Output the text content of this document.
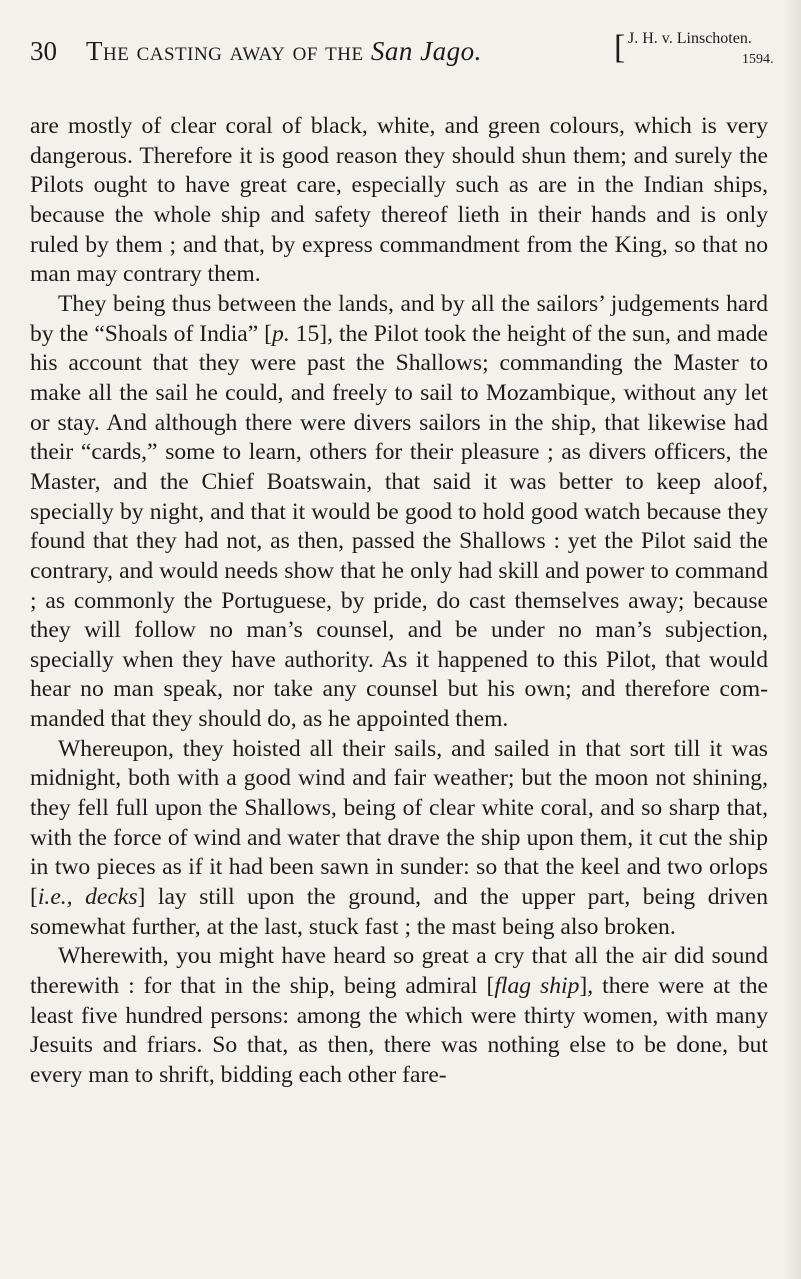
30 The casting away of the San Jago.	[ J. H. v. Linschoten.
1594.

are mostly of clear coral of black, white, and green colours, which is very dangerous. Therefore it is good reason they should shun them; and surely the Pilots ought to have great care, especially such as are in the Indian ships, because the whole ship and safety thereof lieth in their hands and is only ruled by them ; and that, by express commandment from the King, so that no man may contrary them.

They being thus between the lands, and by all the sailors’ judgements hard by the “Shoals of India” [p. 15], the Pilot took the height of the sun, and made his account that they were past the Shallows; commanding the Master to make all the sail he could, and freely to sail to Mozambique, without any let or stay. And although there were divers sailors in the ship, that likewise had their “cards,” some to learn, others for their pleasure ; as divers officers, the Master, and the Chief Boatswain, that said it was better to keep aloof, specially by night, and that it would be good to hold good watch because they found that they had not, as then, passed the Shallows : yet the Pilot said the contrary, and would needs show that he only had skill and power to command ; as commonly the Portuguese, by pride, do cast themselves away; because they will follow no man’s counsel, and be under no man’s subjection, specially when they have authority. As it happened to this Pilot, that would hear no man speak, nor take any counsel but his own; and therefore commanded that they should do, as he appointed them.

Whereupon, they hoisted all their sails, and sailed in that sort till it was midnight, both with a good wind and fair weather; but the moon not shining, they fell full upon the Shallows, being of clear white coral, and so sharp that, with the force of wind and water that drave the ship upon them, it cut the ship in two pieces as if it had been sawn in sunder: so that the keel and two orlops [i.e., decks] lay still upon the ground, and the upper part, being driven somewhat further, at the last, stuck fast ; the mast being also broken.

Wherewith, you might have heard so great a cry that all the air did sound therewith : for that in the ship, being admiral [flag ship], there were at the least five hundred persons: among the which were thirty women, with many Jesuits and friars. So that, as then, there was nothing else to be done, but every man to shrift, bidding each other fare-
